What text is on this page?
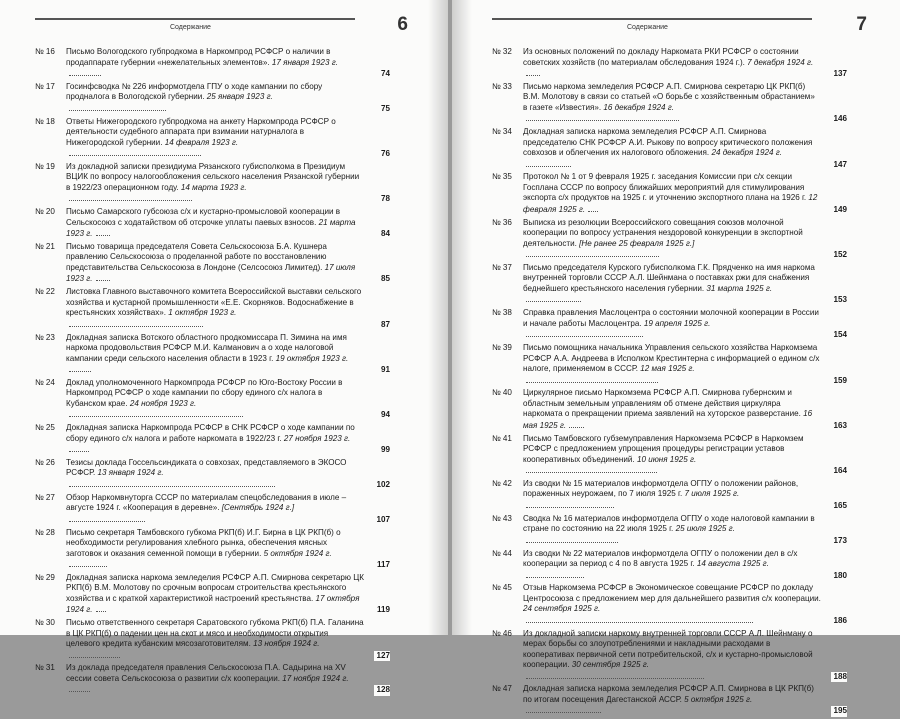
Содержание	6
№ 16 Письмо Вологодского губпродкома в Наркомпрод РСФСР о наличии в продаппарате губернии «нежелательных элементов». 17 января 1923 г.
74
№ 17 Госинфсводка № 226 информотдела ГПУ о ходе кампании по сбору продналога в Вологодской губернии. 25 января 1923 г.
75
№ 18 Ответы Нижегородского губпродкома на анкету Наркомпрода РСФСР о деятельности судебного аппарата при взимании натурналога в Нижегородской губернии. 14 февраля 1923 г.
76
№ 19 Из докладной записки президиума Рязанского губисполкома в Президиум ВЦИК по вопросу налогообложения сельского населения Рязанской губернии в 1922/23 операционном году. 14 марта 1923 г.
78
№ 20 Письмо Самарского губсоюза с/х и кустарно-промысловой кооперации в Сельскосоюз с ходатайством об отсрочке уплаты паевых взносов. 21 марта 1923 г.	84
№ 21 Письмо товарища председателя Совета Сельскосоюза Б.А. Кушнера правлению Сельскосоюза о проделанной работе по восстановлению представительства Сельскосоюза в Лондоне (Селсосоюз Лимитед). 17 июля 1923 г.	85
№ 22 Листовка Главного выставочного комитета Всероссийской выставки сельского хозяйства и кустарной промышленности «Е.Е. Скорняков. Водоснабжение в крестьянских хозяйствах». 1 октября 1923 г.
87
№ 23 Докладная записка Вотского областного продкомиссара П. Зимина на имя наркома продовольствия РСФСР М.И. Калманович а о ходе налоговой кампании среди сельского населения области в 1923 г. 19 октября 1923 г.
91
№ 24 Доклад уполномоченного Наркомпрода РСФСР по Юго-Востоку России в Наркомпрод РСФСР о ходе кампании по сбору единого с/х налога в Кубанском крае. 24 ноября 1923 г.
94
№ 25 Докладная записка Наркомпрода РСФСР в СНК РСФСР о ходе кампании по сбору единого с/х налога и работе наркомата в 1922/23 г. 27 ноября 1923 г.
99
№ 26 Тезисы доклада Госсельсиндиката о совхозах, представляемого в ЭКОСО РСФСР. 13 января 1924 г.
102
№ 27 Обзор Наркомвнуторга СССР по материалам спецобследования в июле – августе 1924 г. «Кооперация в деревне». [Сентябрь 1924 г.]
107
№ 28 Письмо секретаря Тамбовского губкома РКП(б) И.Г. Бирна в ЦК РКП(б) о необходимости регулирования хлебного рынка, обеспечения мясных заготовок и оказания семенной помощи в губернии. 5 октября 1924 г.
117
№ 29 Докладная записка наркома земледелия РСФСР А.П. Смирнова секретарю ЦК РКП(б) В.М. Молотову по срочным вопросам строительства крестьянского хозяйства и с краткой характеристикой настроений крестьянства. 17 октября 1924 г.	119
№ 30 Письмо ответственного секретаря Саратовского губкома РКП(б) П.А. Галанина в ЦК РКП(б) о падении цен на скот и мясо и необходимости открытия целевого кредита кубанским мясозаготовителям. 13 ноября 1924 г.
127
№ 31 Из доклада председателя правления Сельскосоюза П.А. Садырина на XV сессии совета Сельскосоюза о развитии с/х кооперации. 17 ноября 1924 г.
128
Содержание	7
№ 32 Из основных положений по докладу Наркомата РКИ РСФСР о состоянии советских хозяйств (по материалам обследования 1924 г.). 7 декабря 1924 г.
137
№ 33 Письмо наркома земледелия РСФСР А.П. Смирнова секретарю ЦК РКП(б) В.М. Молотову в связи со статьей «О борьбе с хозяйственным обрастанием» в газете «Известия». 16 декабря 1924 г.
146
№ 34 Докладная записка наркома земледелия РСФСР А.П. Смирнова председателю СНК РСФСР А.И. Рыкову по вопросу критического положения совхозов и облегчения их налогового обложения. 24 декабря 1924 г.
147
№ 35 Протокол № 1 от 9 февраля 1925 г. заседания Комиссии при с/х секции Госплана СССР по вопросу ближайших мероприятий для стимулирования экспорта с/х продуктов на 1925 г. и уточнению экспортного плана на 1926 г. 12 февраля 1925 г.	149
№ 36 Выписка из резолюции Всероссийского совещания союзов молочной кооперации по вопросу устранения нездоровой конкуренции в экспортной деятельности. [Не ранее 25 февраля 1925 г.]
152
№ 37 Письмо председателя Курского губисполкома Г.К. Прядченко на имя наркома внутренней торговли СССР А.Л. Шейнмана о поставках ржи для снабжения беднейшего крестьянского населения губернии. 31 марта 1925 г.
153
№ 38 Справка правления Маслоцентра о состоянии молочной кооперации в России и начале работы Маслоцентра. 19 апреля 1925 г.
154
№ 39 Письмо помощника начальника Управления сельского хозяйства Наркомзема РСФСР А.А. Андреева в Исполком Крестинтерна с информацией о едином с/х налоге, применяемом в СССР. 12 мая 1925 г.
159
№ 40 Циркулярное письмо Наркомзема РСФСР А.П. Смирнова губернским и областным земельным управлениям об отмене действия циркуляра наркомата о прекращении приема заявлений на хуторское разверстание. 16 мая 1925 г.	163
№ 41 Письмо Тамбовского губземуправления Наркомзема РСФСР в Наркомзем РСФСР с предложением упрощения процедуры регистрации уставов кооперативных объединений. 10 июня 1925 г.
164
№ 42 Из сводки № 15 материалов информотдела ОГПУ о положении районов, пораженных неурожаем, по 7 июля 1925 г. 7 июля 1925 г.
165
№ 43 Сводка № 16 материалов информотдела ОГПУ о ходе налоговой кампании в стране по состоянию на 22 июля 1925 г. 25 июля 1925 г.
173
№ 44 Из сводки № 22 материалов информотдела ОГПУ о положении дел в с/х кооперации за период с 4 по 8 августа 1925 г. 14 августа 1925 г.
180
№ 45 Отзыв Наркомзема РСФСР в Экономическое совещание РСФСР по докладу Центросоюза с предложением мер для дальнейшего развития с/х кооперации. 24 сентября 1925 г.
186
№ 46 Из докладной записки наркому внутренней торговли СССР А.Л. Шейнману о мерах борьбы со злоупотреблениями и накладными расходами в кооперативах первичной сети потребительской, с/х и кустарно-промысловой кооперации. 30 сентября 1925 г.
188
№ 47 Докладная записка наркома земледелия РСФСР А.П. Смирнова в ЦК РКП(б) по итогам посещения Дагестанской АССР. 5 октября 1925 г.
195
